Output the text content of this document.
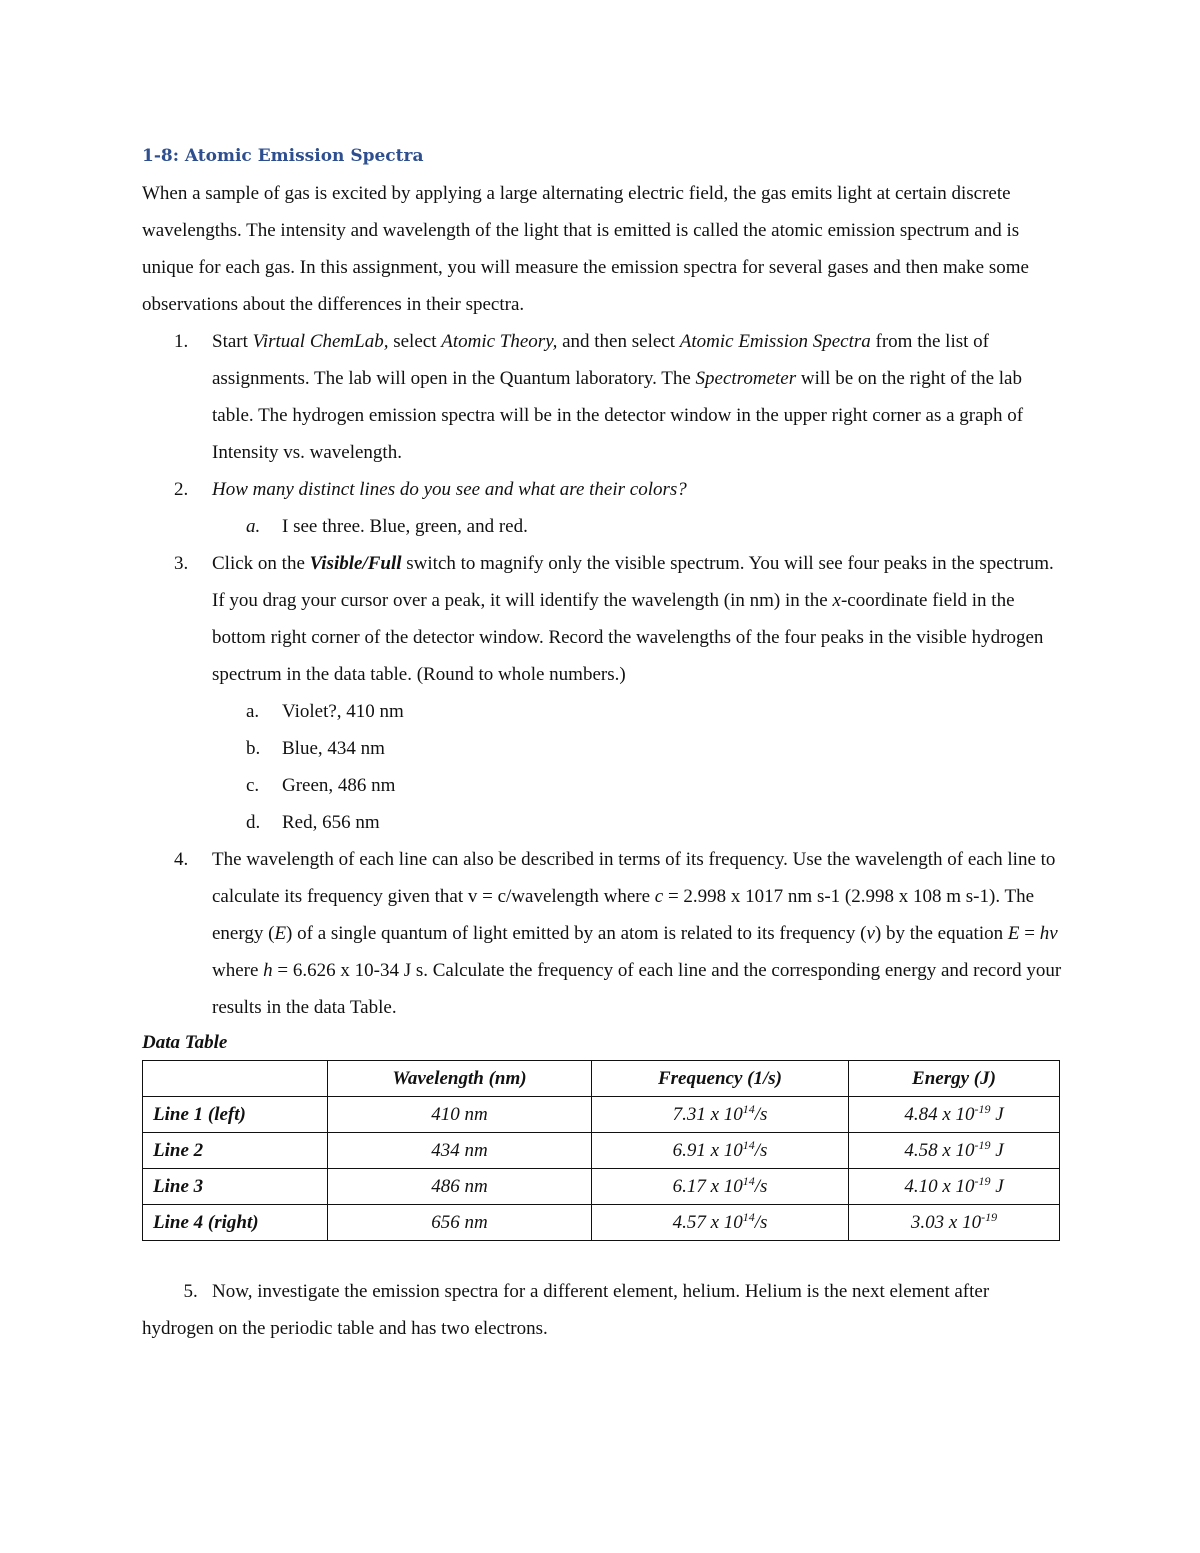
1-8: Atomic Emission Spectra

When a sample of gas is excited by applying a large alternating electric field, the gas emits light at certain discrete wavelengths. The intensity and wavelength of the light that is emitted is called the atomic emission spectrum and is unique for each gas. In this assignment, you will measure the emission spectra for several gases and then make some observations about the differences in their spectra.

1. Start Virtual ChemLab, select Atomic Theory, and then select Atomic Emission Spectra from the list of assignments. The lab will open in the Quantum laboratory. The Spectrometer will be on the right of the lab table. The hydrogen emission spectra will be in the detector window in the upper right corner as a graph of Intensity vs. wavelength.
2. How many distinct lines do you see and what are their colors?
a. I see three. Blue, green, and red.
3. Click on the Visible/Full switch to magnify only the visible spectrum. You will see four peaks in the spectrum. If you drag your cursor over a peak, it will identify the wavelength (in nm) in the x-coordinate field in the bottom right corner of the detector window. Record the wavelengths of the four peaks in the visible hydrogen spectrum in the data table. (Round to whole numbers.)
a. Violet?, 410 nm
b. Blue, 434 nm
c. Green, 486 nm
d. Red, 656 nm
4. The wavelength of each line can also be described in terms of its frequency. Use the wavelength of each line to calculate its frequency given that v = c/wavelength where c = 2.998 x 1017 nm s-1 (2.998 x 108 m s-1). The energy (E) of a single quantum of light emitted by an atom is related to its frequency (v) by the equation E = hv where h = 6.626 x 10-34 J s. Calculate the frequency of each line and the corresponding energy and record your results in the data Table.

Data Table

	Wavelength (nm)	Frequency (1/s)	Energy (J)
Line 1 (left)	410 nm	7.31 x $10^{14}/s$	4.84 x $10^{-19}$ J
Line 2	434 nm	6.91 x $10^{14}/s$	4.58 x $10^{-19}$ J
Line 3	486 nm	6.17 x $10^{14}/s$	4.10 x $10^{-19}$ J
Line 4 (right)	656 nm	4.57 x $10^{14}/s$	3.03 x $10^{-19}$
5. Now, investigate the emission spectra for a different element, helium. Helium is the next element after hydrogen on the periodic table and has two electrons.
